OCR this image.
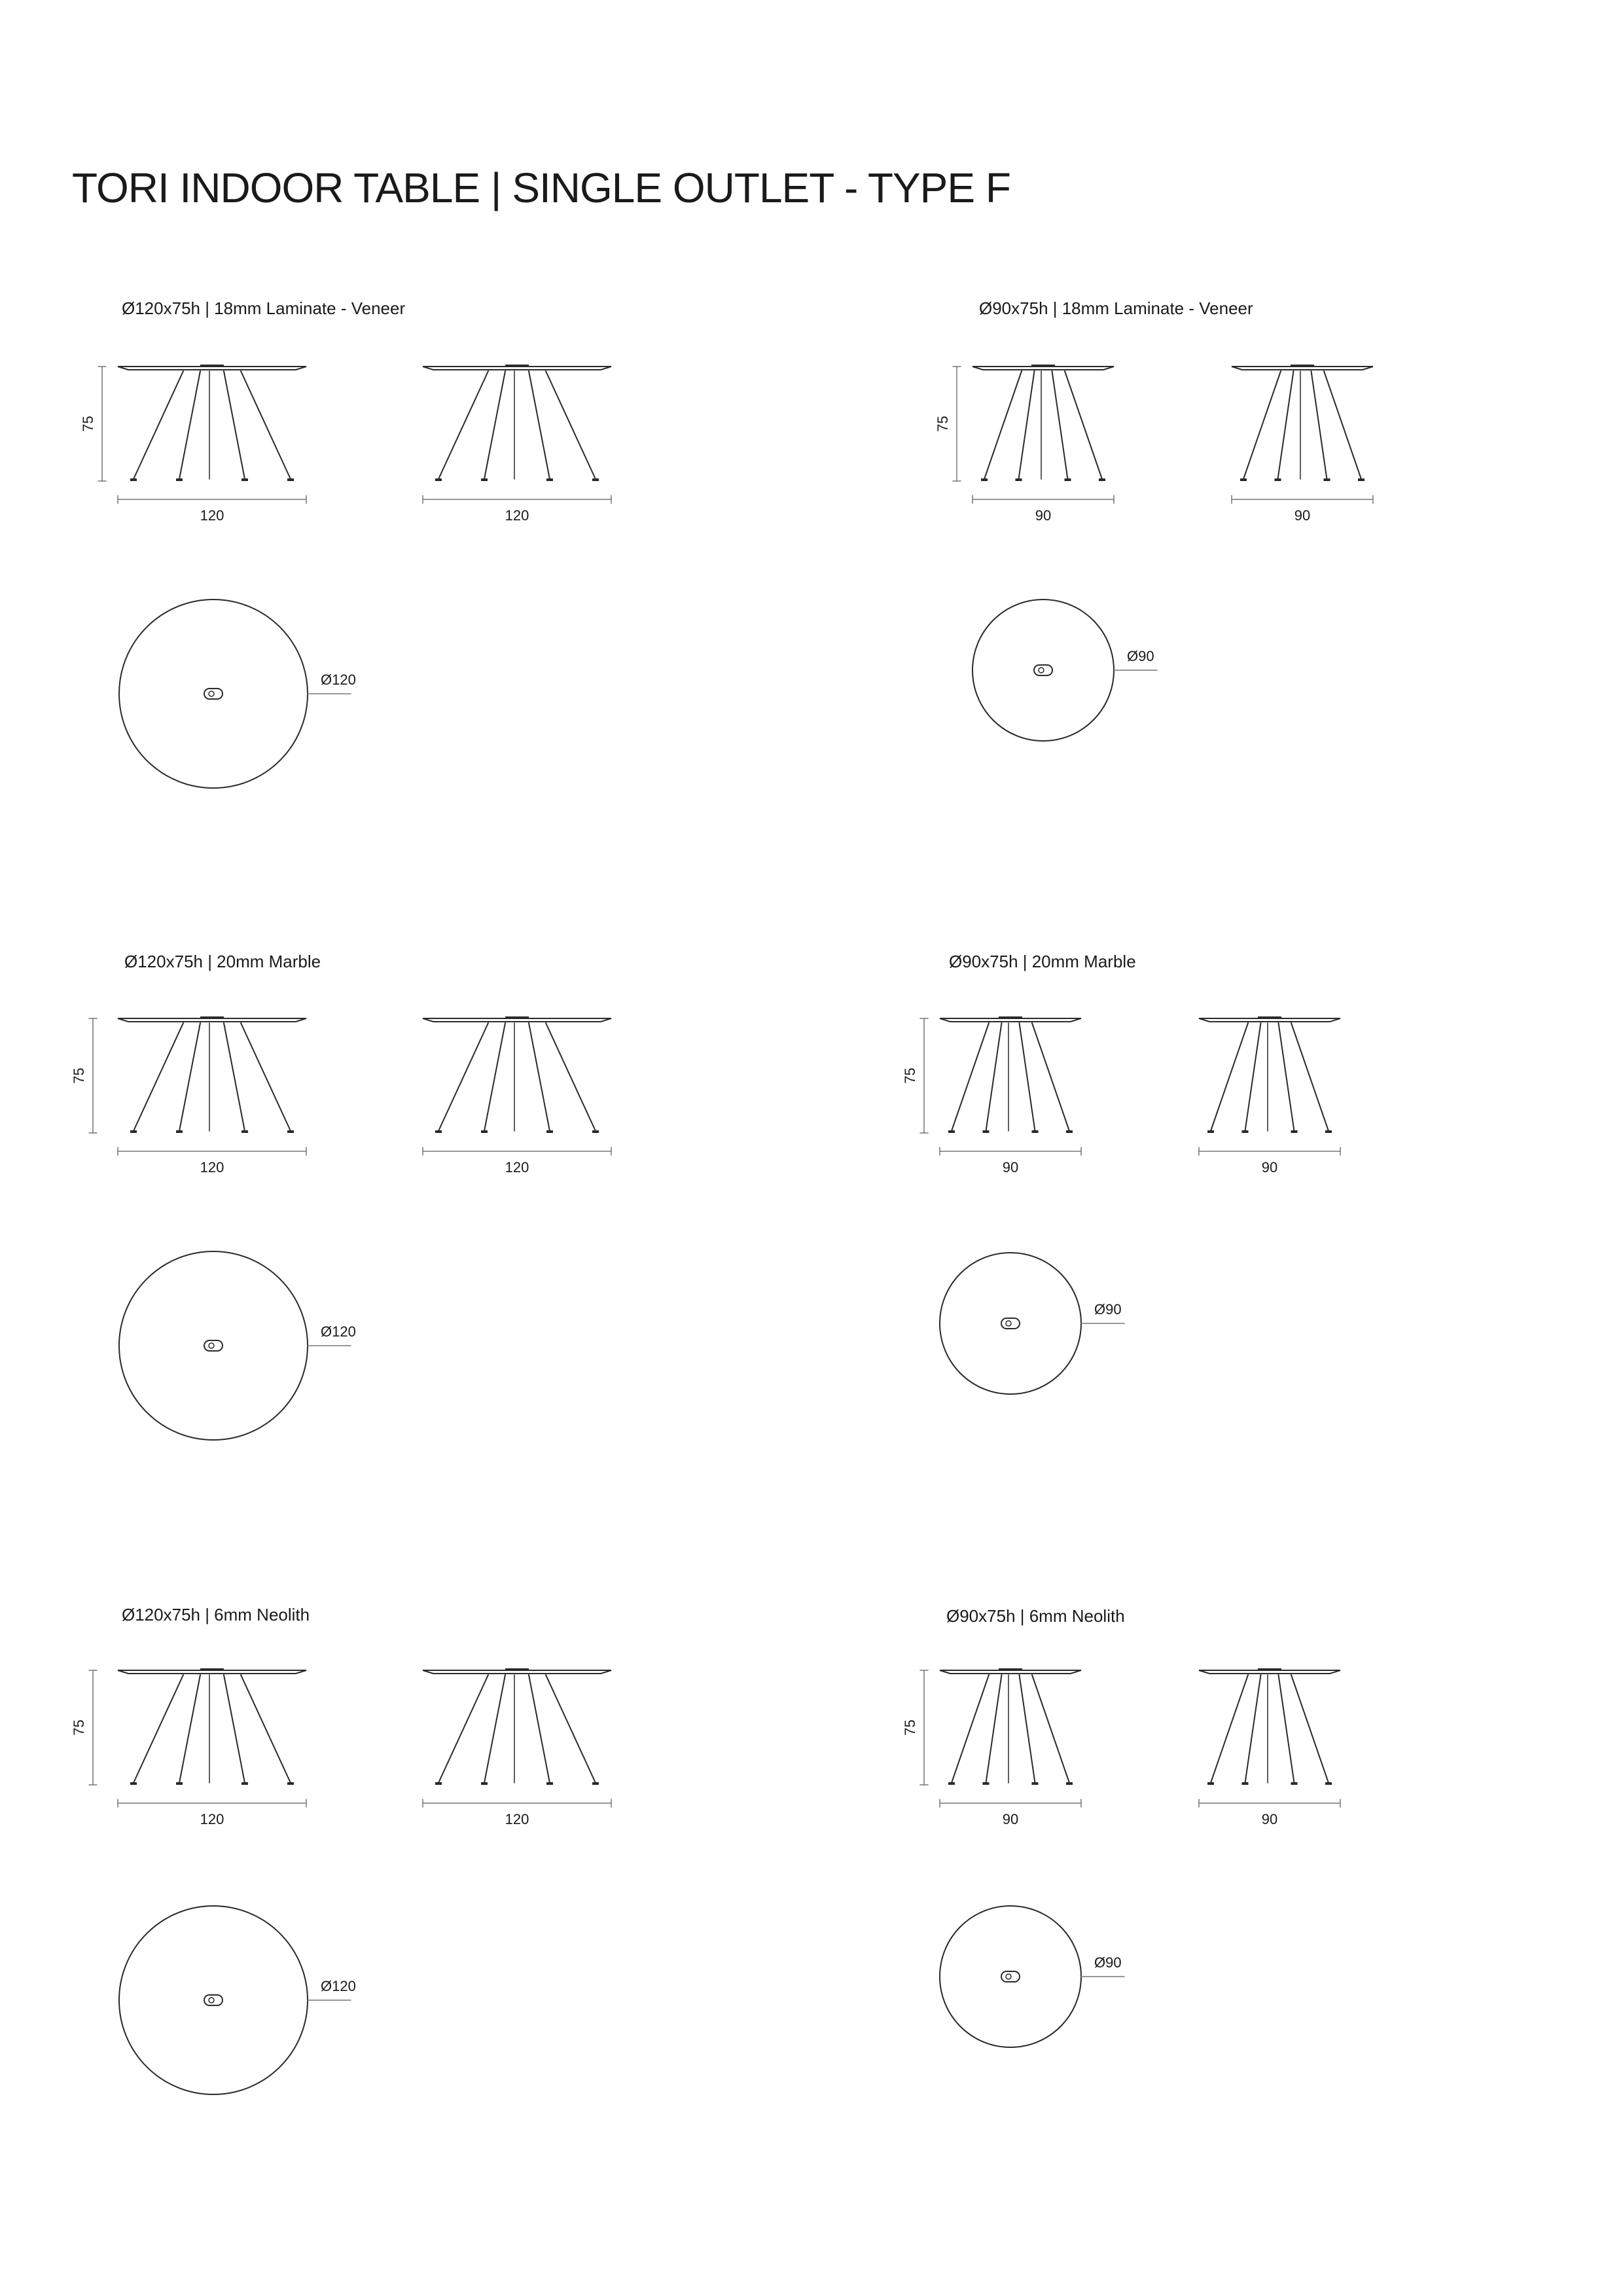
TORI INDOOR TABLE | SINGLE OUTLET - TYPE F
Ø120x75h | 18mm Laminate - Veneer	Ø90x75h | 18mm Laminate - Veneer
Ø120x75h | 20mm Marble	Ø90x75h | 20mm Marble
Ø120x75h | 6mm Neolith	Ø90x75h | 6mm Neolith
120	120
75
Ø120
90	90
75
Ø90
120	120
75
Ø120
90	90
75
Ø90
120	120
75
Ø120
90	90
75
Ø90
